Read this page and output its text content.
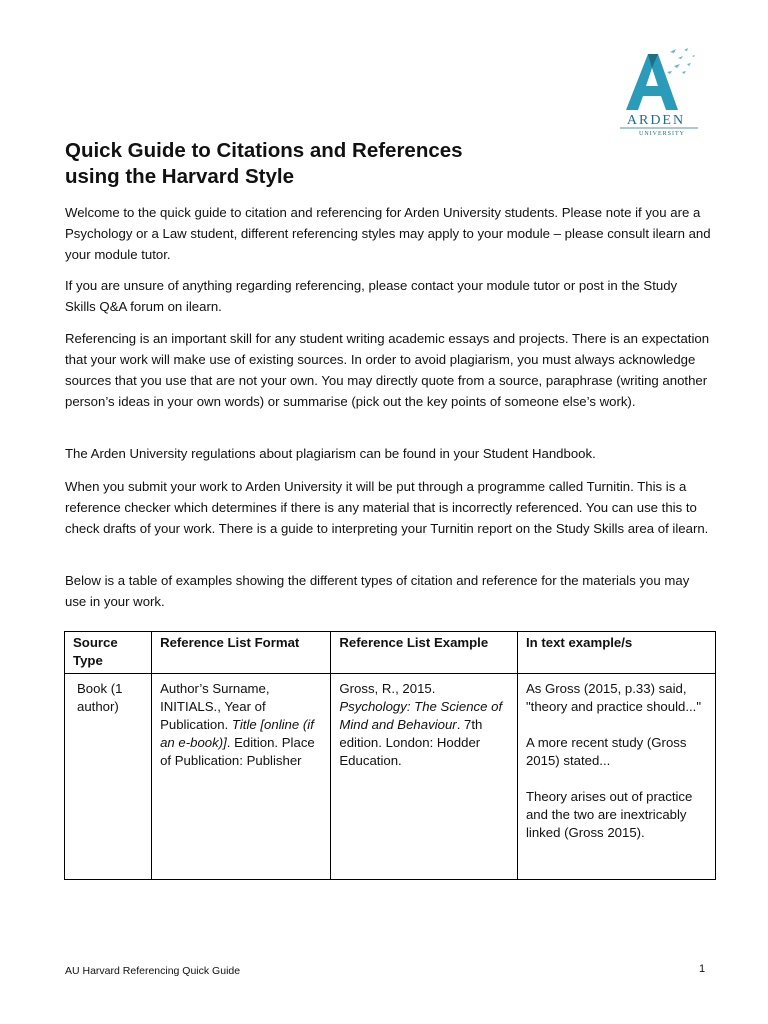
ARDEN
UNIVERSITY
Quick Guide to Citations and References
using the Harvard Style

Welcome to the quick guide to citation and referencing for Arden University students. Please note if you are a Psychology or a Law student, different referencing styles may apply to your module – please consult ilearn and your module tutor.

If you are unsure of anything regarding referencing, please contact your module tutor or post in the Study Skills Q&A forum on ilearn.

Referencing is an important skill for any student writing academic essays and projects. There is an expectation that your work will make use of existing sources. In order to avoid plagiarism, you must always acknowledge sources that you use that are not your own. You may directly quote from a source, paraphrase (writing another person’s ideas in your own words) or summarise (pick out the key points of someone else’s work).

The Arden University regulations about plagiarism can be found in your Student Handbook.

When you submit your work to Arden University it will be put through a programme called Turnitin. This is a reference checker which determines if there is any material that is incorrectly referenced. You can use this to check drafts of your work. There is a guide to interpreting your Turnitin report on the Study Skills area of ilearn.

Below is a table of examples showing the different types of citation and reference for the materials you may use in your work.

Source Type	Reference List Format	Reference List Example	In text example/s

Book (1 author)	Author’s Surname, INITIALS., Year of Publication. Title [online (if an e-book)]. Edition. Place of Publication: Publisher	Gross, R., 2015.
Psychology: The Science of Mind and Behaviour. 7th edition. London: Hodder Education.	As Gross (2015, p.33) said, "theory and practice should..."
A more recent study (Gross 2015) stated...
Theory arises out of practice and the two are inextricably linked (Gross 2015).
AU Harvard Referencing Quick Guide	1
